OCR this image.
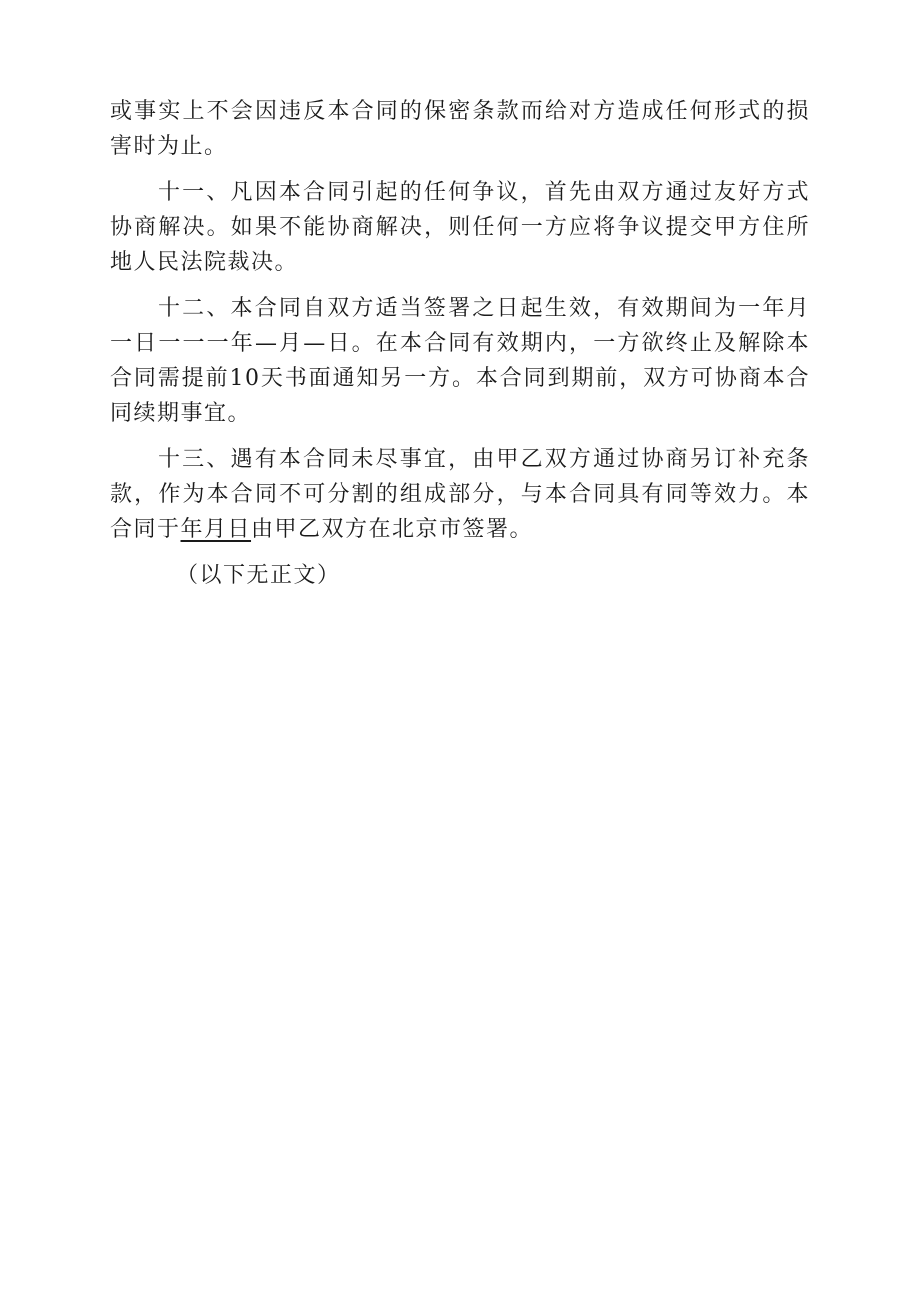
或事实上不会因违反本合同的保密条款而给对方造成任何形式的损害时为止。

十一、凡因本合同引起的任何争议，首先由双方通过友好方式协商解决。如果不能协商解决，则任何一方应将争议提交甲方住所地人民法院裁决。

十二、本合同自双方适当签署之日起生效，有效期间为一年月一日一一一年—月—日。在本合同有效期内，一方欲终止及解除本合同需提前10天书面通知另一方。本合同到期前，双方可协商本合同续期事宜。

十三、遇有本合同未尽事宜，由甲乙双方通过协商另订补充条款，作为本合同不可分割的组成部分，与本合同具有同等效力。本合同于年月日由甲乙双方在北京市签署。

（以下无正文）
